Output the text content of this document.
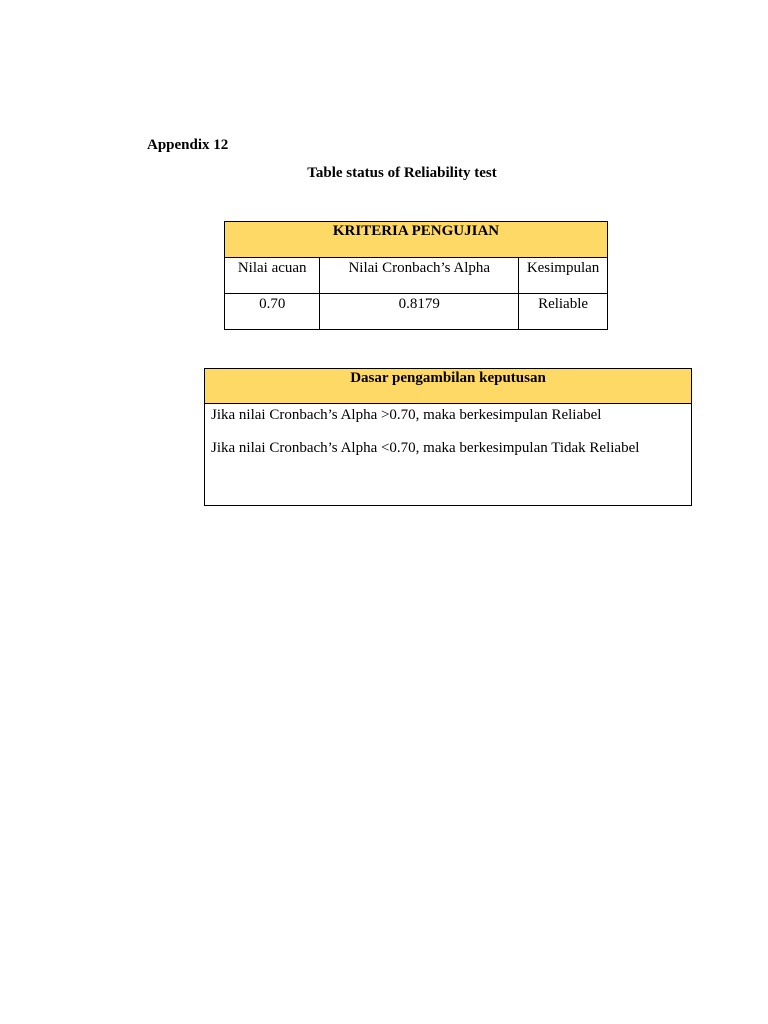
Appendix 12

Table status of Reliability test

KRITERIA PENGUJIAN		
Nilai acuan	Nilai Cronbach’s Alpha	Kesimpulan
0.70	0.8179	Reliable
Dasar pengambilan keputusan

Jika nilai Cronbach’s Alpha >0.70, maka berkesimpulan Reliabel

Jika nilai Cronbach’s Alpha <0.70, maka berkesimpulan Tidak Reliabel
